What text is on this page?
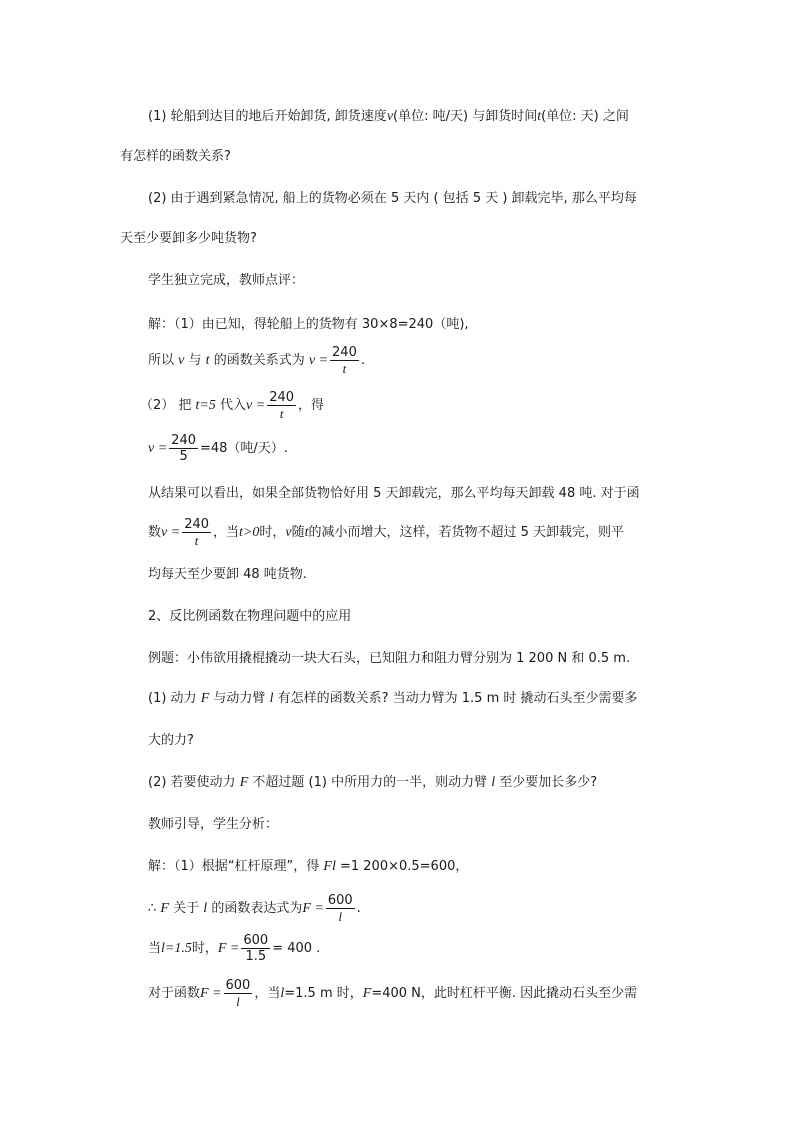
(1) 轮船到达目的地后开始卸货, 卸货速度v(单位: 吨/天) 与卸货时间t(单位: 天) 之间
有怎样的函数关系?
(2) 由于遇到紧急情况, 船上的货物必须在 5 天内 ( 包括 5 天 ) 卸载完毕, 那么平均每
天至少要卸多少吨货物?
学生独立完成，教师点评：
解：（1）由已知，得轮船上的货物有 30×8=240（吨),
所以 v 与 t 的函数关系式为 $v = \frac{240}{t}$ .
（2） 把 t=5 代入$v = \frac{240}{t}$ ，得
$v = \frac{240}{5} =48$（吨/天）.
从结果可以看出，如果全部货物恰好用 5 天卸载完，那么平均每天卸载 48 吨. 对于函
数$v = \frac{240}{t}$ ，当t>0时，v随t的减小而增大，这样，若货物不超过 5 天卸载完，则平
均每天至少要卸 48 吨货物.
2、反比例函数在物理问题中的应用
例题：小伟欲用撬棍撬动一块大石头，已知阻力和阻力臂分别为 1 200 N 和 0.5 m.
(1) 动力 F 与动力臂 l 有怎样的函数关系? 当动力臂为 1.5 m 时 撬动石头至少需要多
大的力?
(2) 若要使动力 F 不超过题 (1) 中所用力的一半，则动力臂 l 至少要加长多少?
教师引导，学生分析：
解：（1）根据“杠杆原理”，得 Fl =1 200×0.5=600，
∴ F 关于 l 的函数表达式为$F = \frac{600}{l}$ .
当l=1.5时，$F = \frac{600}{1.5} = 400$ .
对于函数$F = \frac{600}{l}$ ，当l=1.5 m 时，F=400 N，此时杠杆平衡. 因此撬动石头至少需
